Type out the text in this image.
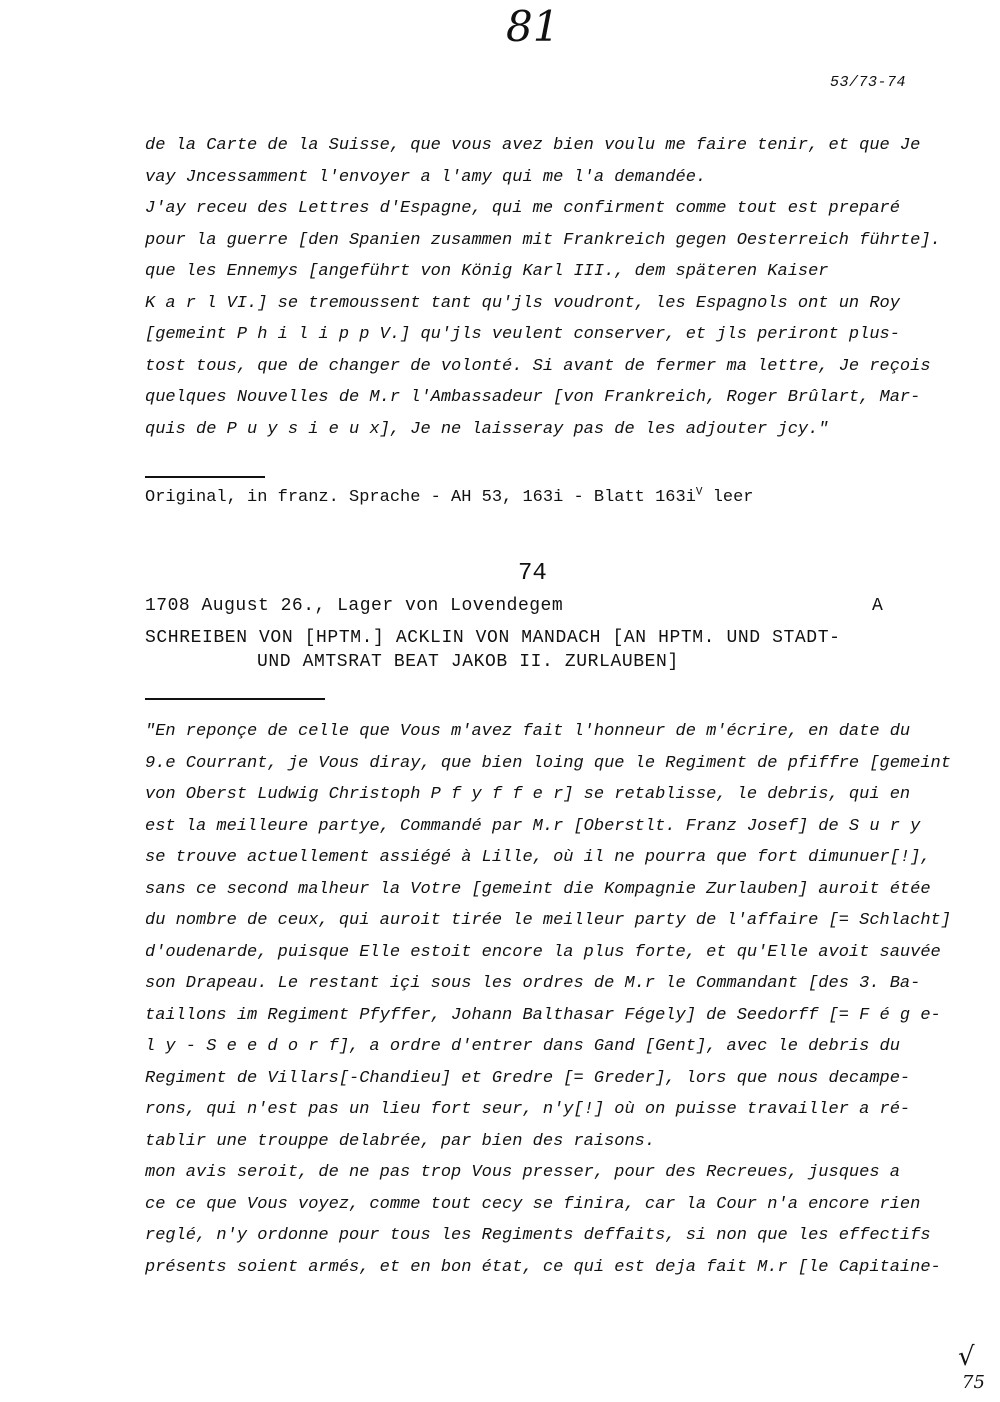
81
53/73-74
de la Carte de la Suisse, que vous avez bien voulu me faire tenir, et que Je
vay Jncessamment l'envoyer a l'amy qui me l'a demandée.
J'ay receu des Lettres d'Espagne, qui me confirment comme tout est preparé
pour la guerre [den Spanien zusammen mit Frankreich gegen Oesterreich führte].
que les Ennemys [angeführt von König Karl III., dem späteren Kaiser
K a r l VI.] se tremoussent tant qu'jls voudront, les Espagnols ont un Roy
[gemeint P h i l i p p V.] qu'jls veulent conserver, et jls periront plus-
tost tous, que de changer de volonté. Si avant de fermer ma lettre, Je reçois
quelques Nouvelles de M.r l'Ambassadeur [von Frankreich, Roger Brûlart, Mar-
quis de P u y s i e u x], Je ne laisseray pas de les adjouter jcy."
Original, in franz. Sprache - AH 53, 163i - Blatt $163i^V$ leer
74
1708 August 26., Lager von Lovendegem	A
SCHREIBEN VON [HPTM.] ACKLIN VON MANDACH [AN HPTM. UND STADT-
UND AMTSRAT BEAT JAKOB II. ZURLAUBEN]
"En reponçe de celle que Vous m'avez fait l'honneur de m'écrire, en date du
9.e Courrant, je Vous diray, que bien loing que le Regiment de pfiffre [gemeint
von Oberst Ludwig Christoph P f y f f e r] se retablisse, le debris, qui en
est la meilleure partye, Commandé par M.r [Oberstlt. Franz Josef] de S u r y
se trouve actuellement assiégé à Lille, où il ne pourra que fort dimunuer[!],
sans ce second malheur la Votre [gemeint die Kompagnie Zurlauben] auroit étée
du nombre de ceux, qui auroit tirée le meilleur party de l'affaire [= Schlacht]
d'oudenarde, puisque Elle estoit encore la plus forte, et qu'Elle avoit sauvée
son Drapeau. Le restant içi sous les ordres de M.r le Commandant [des 3. Ba-
taillons im Regiment Pfyffer, Johann Balthasar Fégely] de Seedorff [= F é g e-
l y - S e e d o r f], a ordre d'entrer dans Gand [Gent], avec le debris du
Regiment de Villars[-Chandieu] et Gredre [= Greder], lors que nous decampe-
rons, qui n'est pas un lieu fort seur, n'y[!] où on puisse travailler a ré-
tablir une trouppe delabrée, par bien des raisons.
mon avis seroit, de ne pas trop Vous presser, pour des Recreues, jusques a
ce ce que Vous voyez, comme tout cecy se finira, car la Cour n'a encore rien
reglé, n'y ordonne pour tous les Regiments deffaits, si non que les effectifs
présents soient armés, et en bon état, ce qui est deja fait M.r [le Capitaine-
√
75
